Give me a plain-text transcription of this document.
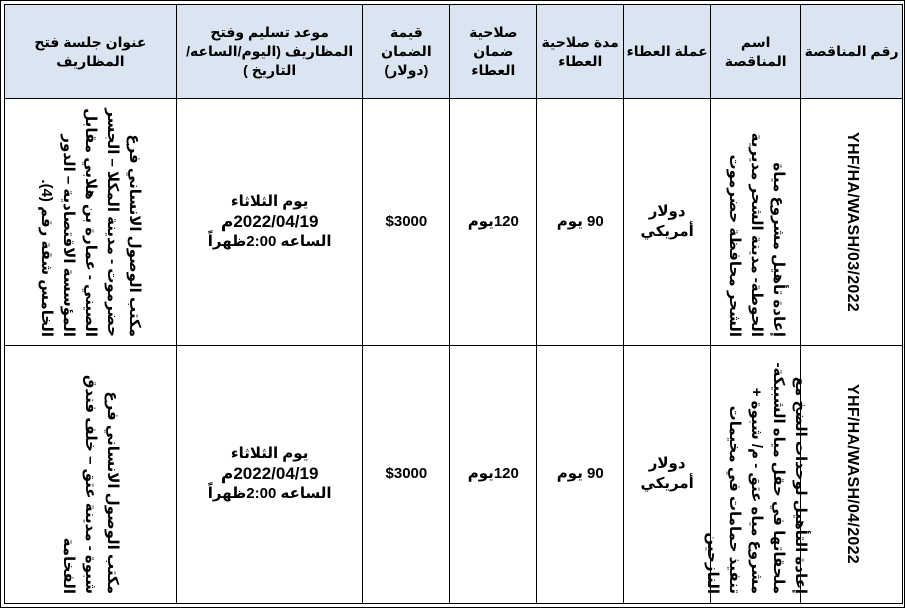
رقم المناقصة	اسم المناقصة	عملة العطاء	مدة صلاحية العطاء	صلاحية ضمان العطاء	قيمة الضمان (دولار)	موعد تسليم وفتح المظاريف (اليوم/الساعه/التاريخ )	عنوان جلسة فتح المظاريف

YHF/HA/WASH/03/2022	إعادة تأهيل مشروع مياة الحوطة- مدينة الشحر مديرية الشحر محافظة حضرموت	دولار أمريكي	90 يوم	120يوم	$3000	يوم الثلاثاء
2022/04/19م
الساعه 2:00ظهراً	مكتب الوصول الانساني فرع حضرموت - مدينة المكلا – الجسر الصيني - عمارة بن هلابي مقابل المؤسسة الاقتصادية – الدور الخامس شقة رقم (4).

YHF/HA/WASH/04/2022	إعادة التأهيل لوحدات الضخ مع ملحقاتها في حقل مياه الشبيكة- مشروع مياه عتق - م/ شبوة + تنفيذ حمامات في مخيمات النازحين	دولار أمريكي	90 يوم	120يوم	$3000	يوم الثلاثاء
2022/04/19م
الساعه 2:00ظهراً	مكتب الوصول الانساني فرع شبوة - مدينة عتق – خلف فندق الفخامة
